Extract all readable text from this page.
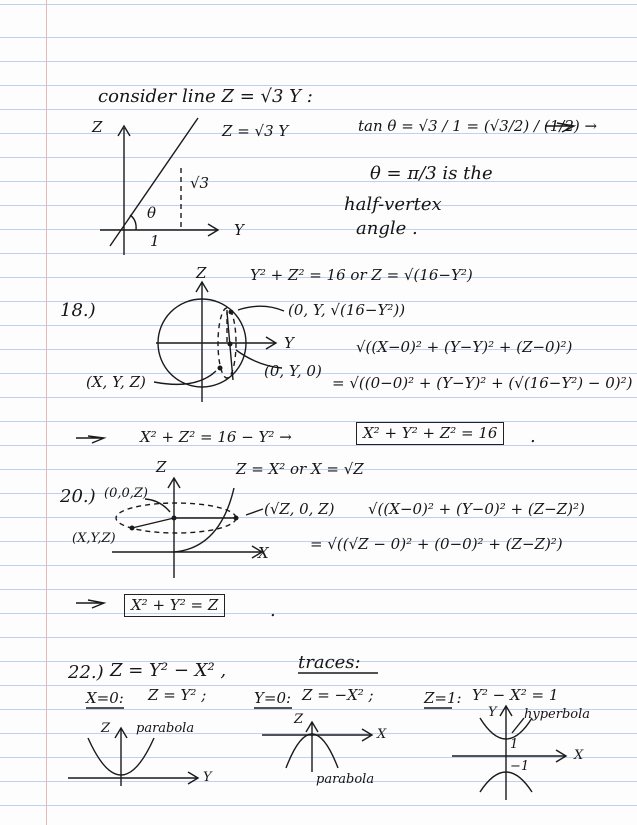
consider line Z = √3 Y :
Z
Y
Z = √3 Y
√3
θ
1
tan θ = √3 / 1 = (√3/2) / (1/2) →
θ = π/3 is the
half-vertex
angle .
Z
Y
Y² + Z² = 16 or Z = √(16−Y²)
18.)	(0, Y, √(16−Y²))
(0, Y, 0)
(X, Y, Z)
√((X−0)² + (Y−Y)² + (Z−0)²)
= √((0−0)² + (Y−Y)² + (√(16−Y²) − 0)²)
X² + Z² = 16 − Y² →	X² + Y² + Z² = 16	.
Z
X
Z = X² or X = √Z
20.) (0,0,Z)
(X,Y,Z)
(√Z, 0, Z) √((X−0)² + (Y−0)² + (Z−Z)²)
= √((√Z − 0)² + (0−0)² + (Z−Z)²)
X² + Y² = Z	.
22.) Z = Y² − X² ,	traces:
X=0: Z = Y² ;	Y=0: Z = −X² ;	Z=1: Y² − X² = 1
Z parabola
Y
Z
X
parabola
Y hyperbola
X
1
−1
